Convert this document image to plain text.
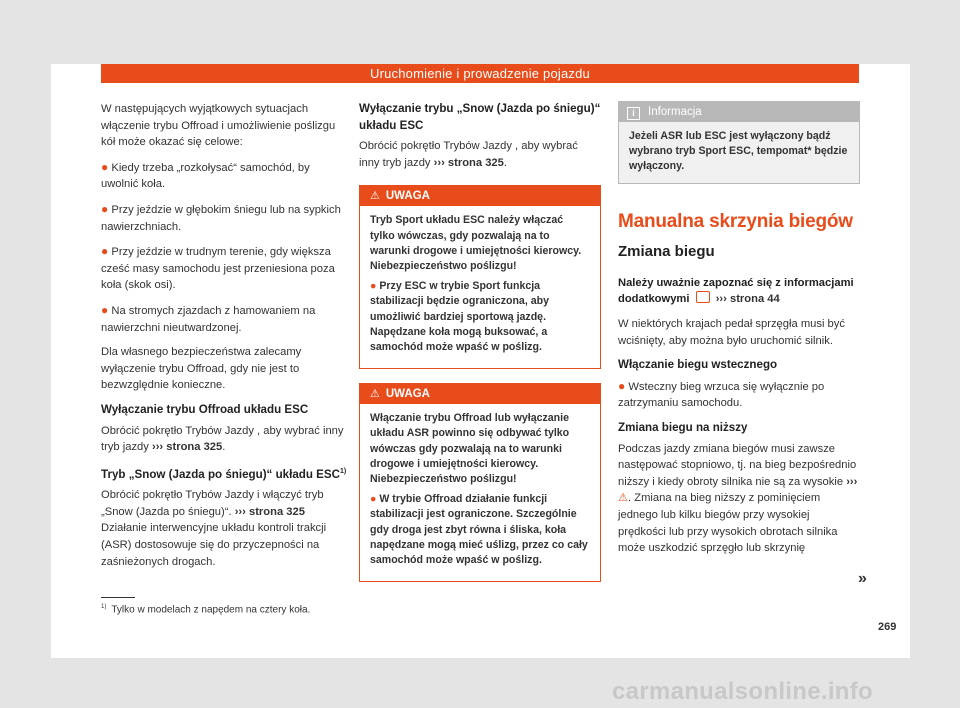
Uruchomienie i prowadzenie pojazdu

W następujących wyjątkowych sytuacjach włączenie trybu Offroad i umożliwienie poślizgu kół może okazać się celowe:

● Kiedy trzeba „rozkołysać“ samochód, by uwolnić koła.

● Przy jeździe w głębokim śniegu lub na sypkich nawierzchniach.

● Przy jeździe w trudnym terenie, gdy większa cześć masy samochodu jest przeniesiona poza koła (skok osi).

● Na stromych zjazdach z hamowaniem na nawierzchni nieutwardzonej.

Dla własnego bezpieczeństwa zalecamy wyłączenie trybu Offroad, gdy nie jest to bezwzględnie konieczne.

Wyłączanie trybu Offroad układu ESC

Obrócić pokrętło Trybów Jazdy , aby wybrać inny tryb jazdy ››› strona 325.

Tryb „Snow (Jazda po śniegu)“ układu ESC$^{1)}$

Obrócić pokrętło Trybów Jazdy i włączyć tryb „Snow (Jazda po śniegu)“. ››› strona 325 Działanie interwencyjne układu kontroli trakcji (ASR) dostosowuje się do przyczepności na zaśnieżonych drogach.

Wyłączanie trybu „Snow (Jazda po śniegu)“ układu ESC

Obrócić pokrętło Trybów Jazdy , aby wybrać inny tryb jazdy ››› strona 325.

⚠ UWAGA

Tryb Sport układu ESC należy włączać tylko wówczas, gdy pozwalają na to warunki drogowe i umiejętności kierowcy. Niebezpieczeństwo poślizgu!

● Przy ESC w trybie Sport funkcja stabilizacji będzie ograniczona, aby umożliwić bardziej sportową jazdę. Napędzane koła mogą buksować, a samochód może wpaść w poślizg.

⚠ UWAGA

Włączanie trybu Offroad lub wyłączanie układu ASR powinno się odbywać tylko wówczas gdy pozwalają na to warunki drogowe i umiejętności kierowcy. Niebezpieczeństwo poślizgu!

● W trybie Offroad działanie funkcji stabilizacji jest ograniczone. Szczególnie gdy droga jest zbyt równa i śliska, koła napędzane mogą mieć uślizg, przez co cały samochód może wpaść w poślizg.

i Informacja
Jeżeli ASR lub ESC jest wyłączony bądź wybrano tryb Sport ESC, tempomat* będzie wyłączony.
Manualna skrzynia biegów
Zmiana biegu

Należy uważnie zapoznać się z informacjami dodatkowymi ››› strona 44

W niektórych krajach pedał sprzęgła musi być wciśnięty, aby można było uruchomić silnik.

Włączanie biegu wstecznego

● Wsteczny bieg wrzuca się wyłącznie po zatrzymaniu samochodu.

Zmiana biegu na niższy

Podczas jazdy zmiana biegów musi zawsze następować stopniowo, tj. na bieg bezpośrednio niższy i kiedy obroty silnika nie są za wysokie ››› ⚠. Zmiana na bieg niższy z pominięciem jednego lub kilku biegów przy wysokiej prędkości lub przy wysokich obrotach silnika może uszkodzić sprzęgło lub skrzynię

»
$^{1)}$ Tylko w modelach z napędem na cztery koła.
269
carmanualsonline.info
